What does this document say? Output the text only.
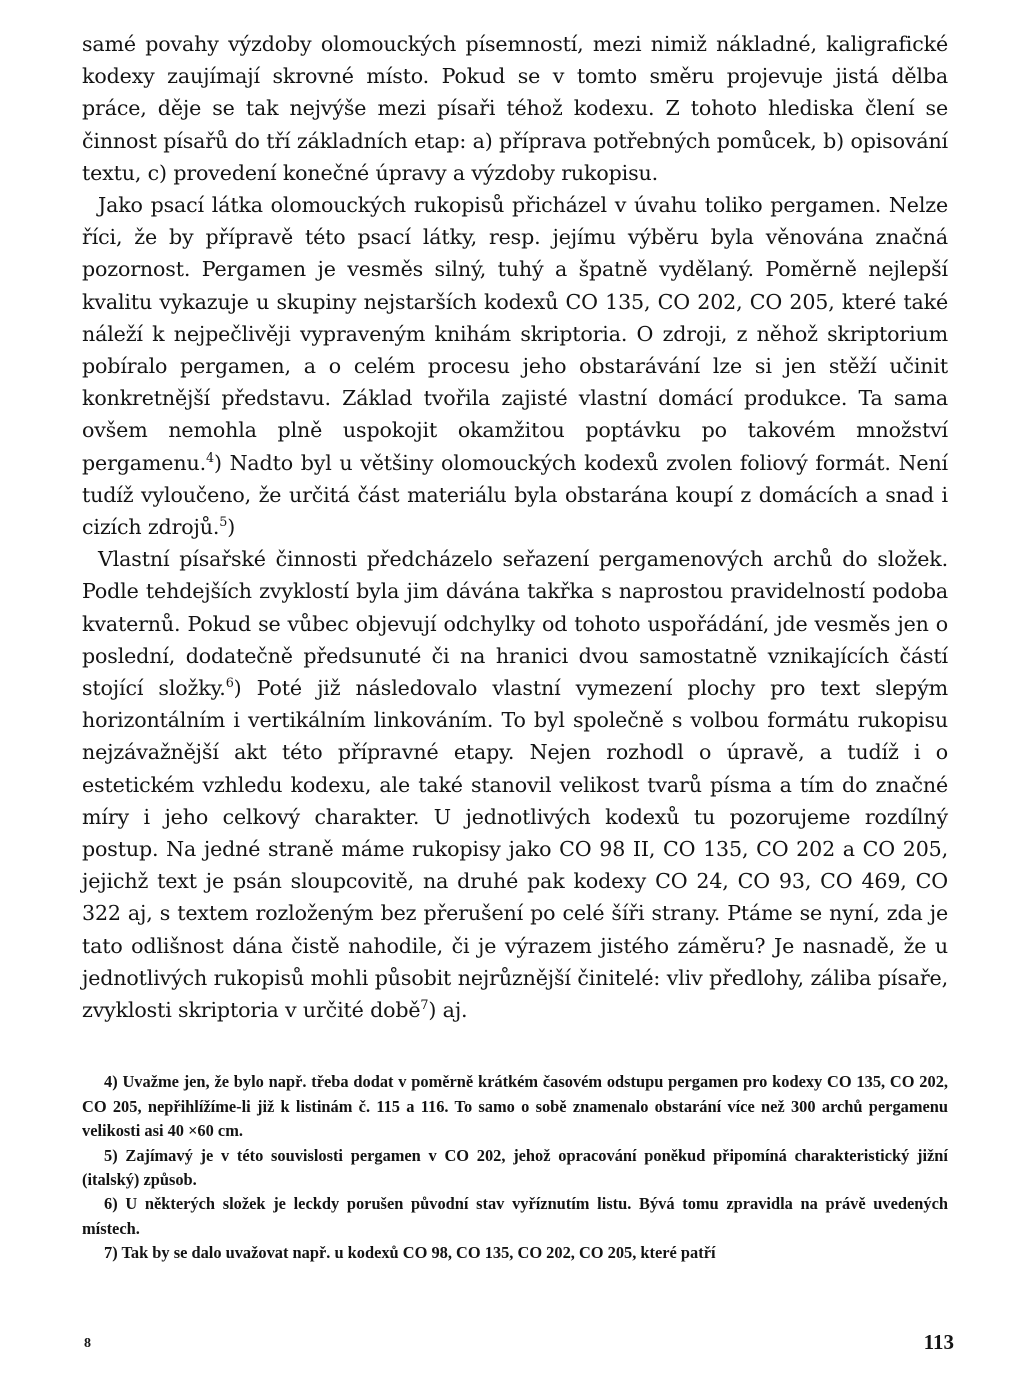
samé povahy výzdoby olomouckých písemností, mezi nimiž nákladné, kaligrafické kodexy zaujímají skrovné místo. Pokud se v tomto směru projevuje jistá dělba práce, děje se tak nejvýše mezi písaři téhož kodexu. Z tohoto hlediska člení se činnost písařů do tří základních etap: a) příprava potřebných pomůcek, b) opisování textu, c) provedení konečné úpravy a výzdoby rukopisu.

Jako psací látka olomouckých rukopisů přicházel v úvahu toliko pergamen. Nelze říci, že by přípravě této psací látky, resp. jejímu výběru byla věnována značná pozornost. Pergamen je vesměs silný, tuhý a špatně vydělaný. Poměrně nejlepší kvalitu vykazuje u skupiny nejstarších kodexů CO 135, CO 202, CO 205, které také náleží k nejpečlivěji vypraveným knihám skriptoria. O zdroji, z něhož skriptorium pobíralo pergamen, a o celém procesu jeho obstarávání lze si jen stěží učinit konkretnější představu. Základ tvořila zajisté vlastní domácí produkce. Ta sama ovšem nemohla plně uspokojit okamžitou poptávku po takovém množství pergamenu.$^4$) Nadto byl u většiny olomouckých kodexů zvolen foliový formát. Není tudíž vyloučeno, že určitá část materiálu byla obstarána koupí z domácích a snad i cizích zdrojů.$^5$)

Vlastní písařské činnosti předcházelo seřazení pergamenových archů do složek. Podle tehdejších zvyklostí byla jim dávána takřka s naprostou pravidelností podoba kvaternů. Pokud se vůbec objevují odchylky od tohoto uspořádání, jde vesměs jen o poslední, dodatečně předsunuté či na hranici dvou samostatně vznikajících částí stojící složky.$^6$) Poté již následovalo vlastní vymezení plochy pro text slepým horizontálním i vertikálním linkováním. To byl společně s volbou formátu rukopisu nejzávažnější akt této přípravné etapy. Nejen rozhodl o úpravě, a tudíž i o estetickém vzhledu kodexu, ale také stanovil velikost tvarů písma a tím do značné míry i jeho celkový charakter. U jednotlivých kodexů tu pozorujeme rozdílný postup. Na jedné straně máme rukopisy jako CO 98 II, CO 135, CO 202 a CO 205, jejichž text je psán sloupcovitě, na druhé pak kodexy CO 24, CO 93, CO 469, CO 322 aj, s textem rozloženým bez přerušení po celé šíři strany. Ptáme se nyní, zda je tato odlišnost dána čistě nahodile, či je výrazem jistého záměru? Je nasnadě, že u jednotlivých rukopisů mohli působit nejrůznější činitelé: vliv předlohy, záliba písaře, zvyklosti skriptoria v určité době$^7$) aj.

4) Uvažme jen, že bylo např. třeba dodat v poměrně krátkém časovém odstupu pergamen pro kodexy CO 135, CO 202, CO 205, nepřihlížíme-li již k listinám č. 115 a 116. To samo o sobě znamenalo obstarání více než 300 archů pergamenu velikosti asi 40 ×60 cm.

5) Zajímavý je v této souvislosti pergamen v CO 202, jehož opracování poněkud připomíná charakteristický jižní (italský) způsob.

6) U některých složek je leckdy porušen původní stav vyříznutím listu. Bývá tomu zpravidla na právě uvedených místech.

7) Tak by se dalo uvažovat např. u kodexů CO 98, CO 135, CO 202, CO 205, které patří

8	113
